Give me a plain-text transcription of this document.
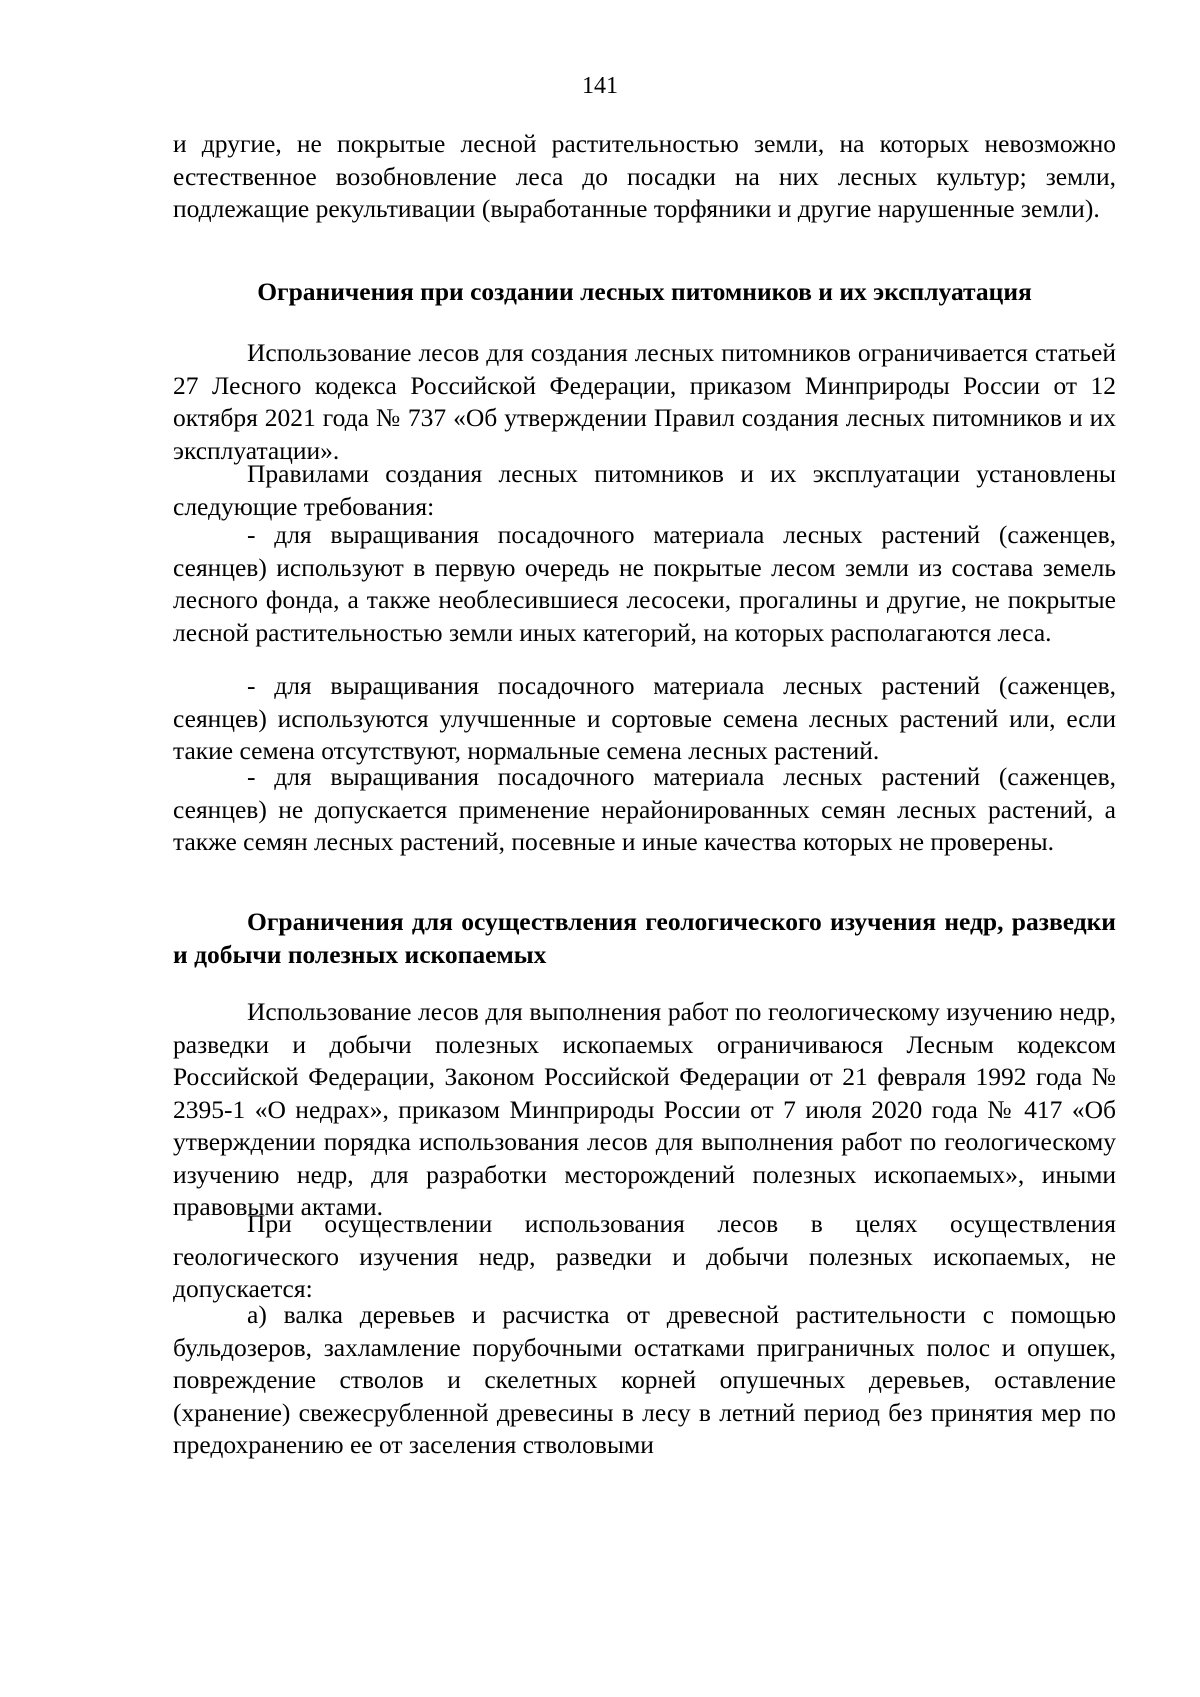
141

и другие, не покрытые лесной растительностью земли, на которых невозможно естественное возобновление леса до посадки на них лесных культур; земли, подлежащие рекультивации (выработанные торфяники и другие нарушенные земли).

Ограничения при создании лесных питомников и их эксплуатация

Использование лесов для создания лесных питомников ограничивается статьей 27 Лесного кодекса Российской Федерации, приказом Минприроды России от 12 октября 2021 года № 737 «Об утверждении Правил создания лесных питомников и их эксплуатации».

Правилами создания лесных питомников и их эксплуатации установлены следующие требования:

- для выращивания посадочного материала лесных растений (саженцев, сеянцев) используют в первую очередь не покрытые лесом земли из состава земель лесного фонда, а также необлесившиеся лесосеки, прогалины и другие, не покрытые лесной растительностью земли иных категорий, на которых располагаются леса.

- для выращивания посадочного материала лесных растений (саженцев, сеянцев) используются улучшенные и сортовые семена лесных растений или, если такие семена отсутствуют, нормальные семена лесных растений.

- для выращивания посадочного материала лесных растений (саженцев, сеянцев) не допускается применение нерайонированных семян лесных растений, а также семян лесных растений, посевные и иные качества которых не проверены.

Ограничения для осуществления геологического изучения недр, разведки и добычи полезных ископаемых

Использование лесов для выполнения работ по геологическому изучению недр, разведки и добычи полезных ископаемых ограничиваюся Лесным кодексом Российской Федерации, Законом Российской Федерации от 21 февраля 1992 года № 2395-1 «О недрах», приказом Минприроды России от 7 июля 2020 года № 417 «Об утверждении порядка использования лесов для выполнения работ по геологическому изучению недр, для разработки месторождений полезных ископаемых», иными правовыми актами.

При осуществлении использования лесов в целях осуществления геологического изучения недр, разведки и добычи полезных ископаемых, не допускается:

а) валка деревьев и расчистка от древесной растительности с помощью бульдозеров, захламление порубочными остатками приграничных полос и опушек, повреждение стволов и скелетных корней опушечных деревьев, оставление (хранение) свежесрубленной древесины в лесу в летний период без принятия мер по предохранению ее от заселения стволовыми
